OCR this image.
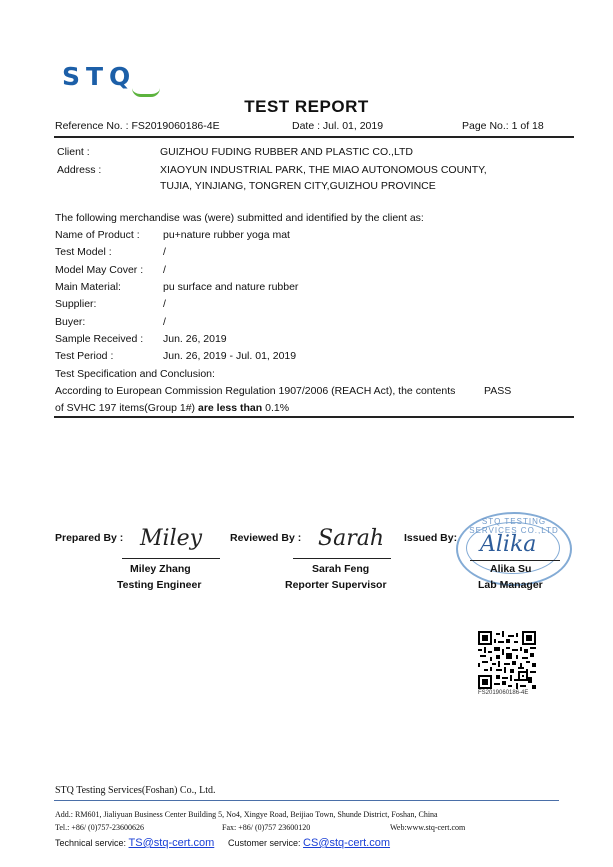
STQ
TEST REPORT
Reference No. : FS2019060186-4E	Date : Jul. 01, 2019	Page No.: 1 of 18
Client :	GUIZHOU FUDING RUBBER AND PLASTIC CO.,LTD
Address :	XIAOYUN INDUSTRIAL PARK, THE MIAO AUTONOMOUS COUNTY,
TUJIA, YINJIANG, TONGREN CITY,GUIZHOU PROVINCE
The following merchandise was (were) submitted and identified by the client as:
Name of Product : pu+nature rubber yoga mat
Test Model :	/
Model May Cover : /
Main Material:	pu surface and nature rubber
Supplier:	/
Buyer:	/
Sample Received : Jun. 26, 2019
Test Period :	Jun. 26, 2019 - Jul. 01, 2019
Test Specification and Conclusion:
According to European Commission Regulation 1907/2006 (REACH Act), the contents	PASS
of SVHC 197 items(Group 1#) are less than 0.1%
Prepared By : Miley
Miley Zhang
Testing Engineer
Reviewed By : Sarah
Sarah Feng
Reporter Supervisor
Issued By:
STQ TESTING SERVICES CO.,LTD
Alika
Alika Su
Lab Manager
FS2019060186-4E
STQ Testing Services(Foshan) Co., Ltd.
Add.: RM601, Jialiyuan Business Center Building 5, No4, Xingye Road, Beijiao Town, Shunde District, Foshan, China
Tel.: +86/ (0)757-23600626	Fax: +86/ (0)757 23600120	Web:www.stq-cert.com
Technical service: TS@stq-cert.com Customer service: CS@stq-cert.com
